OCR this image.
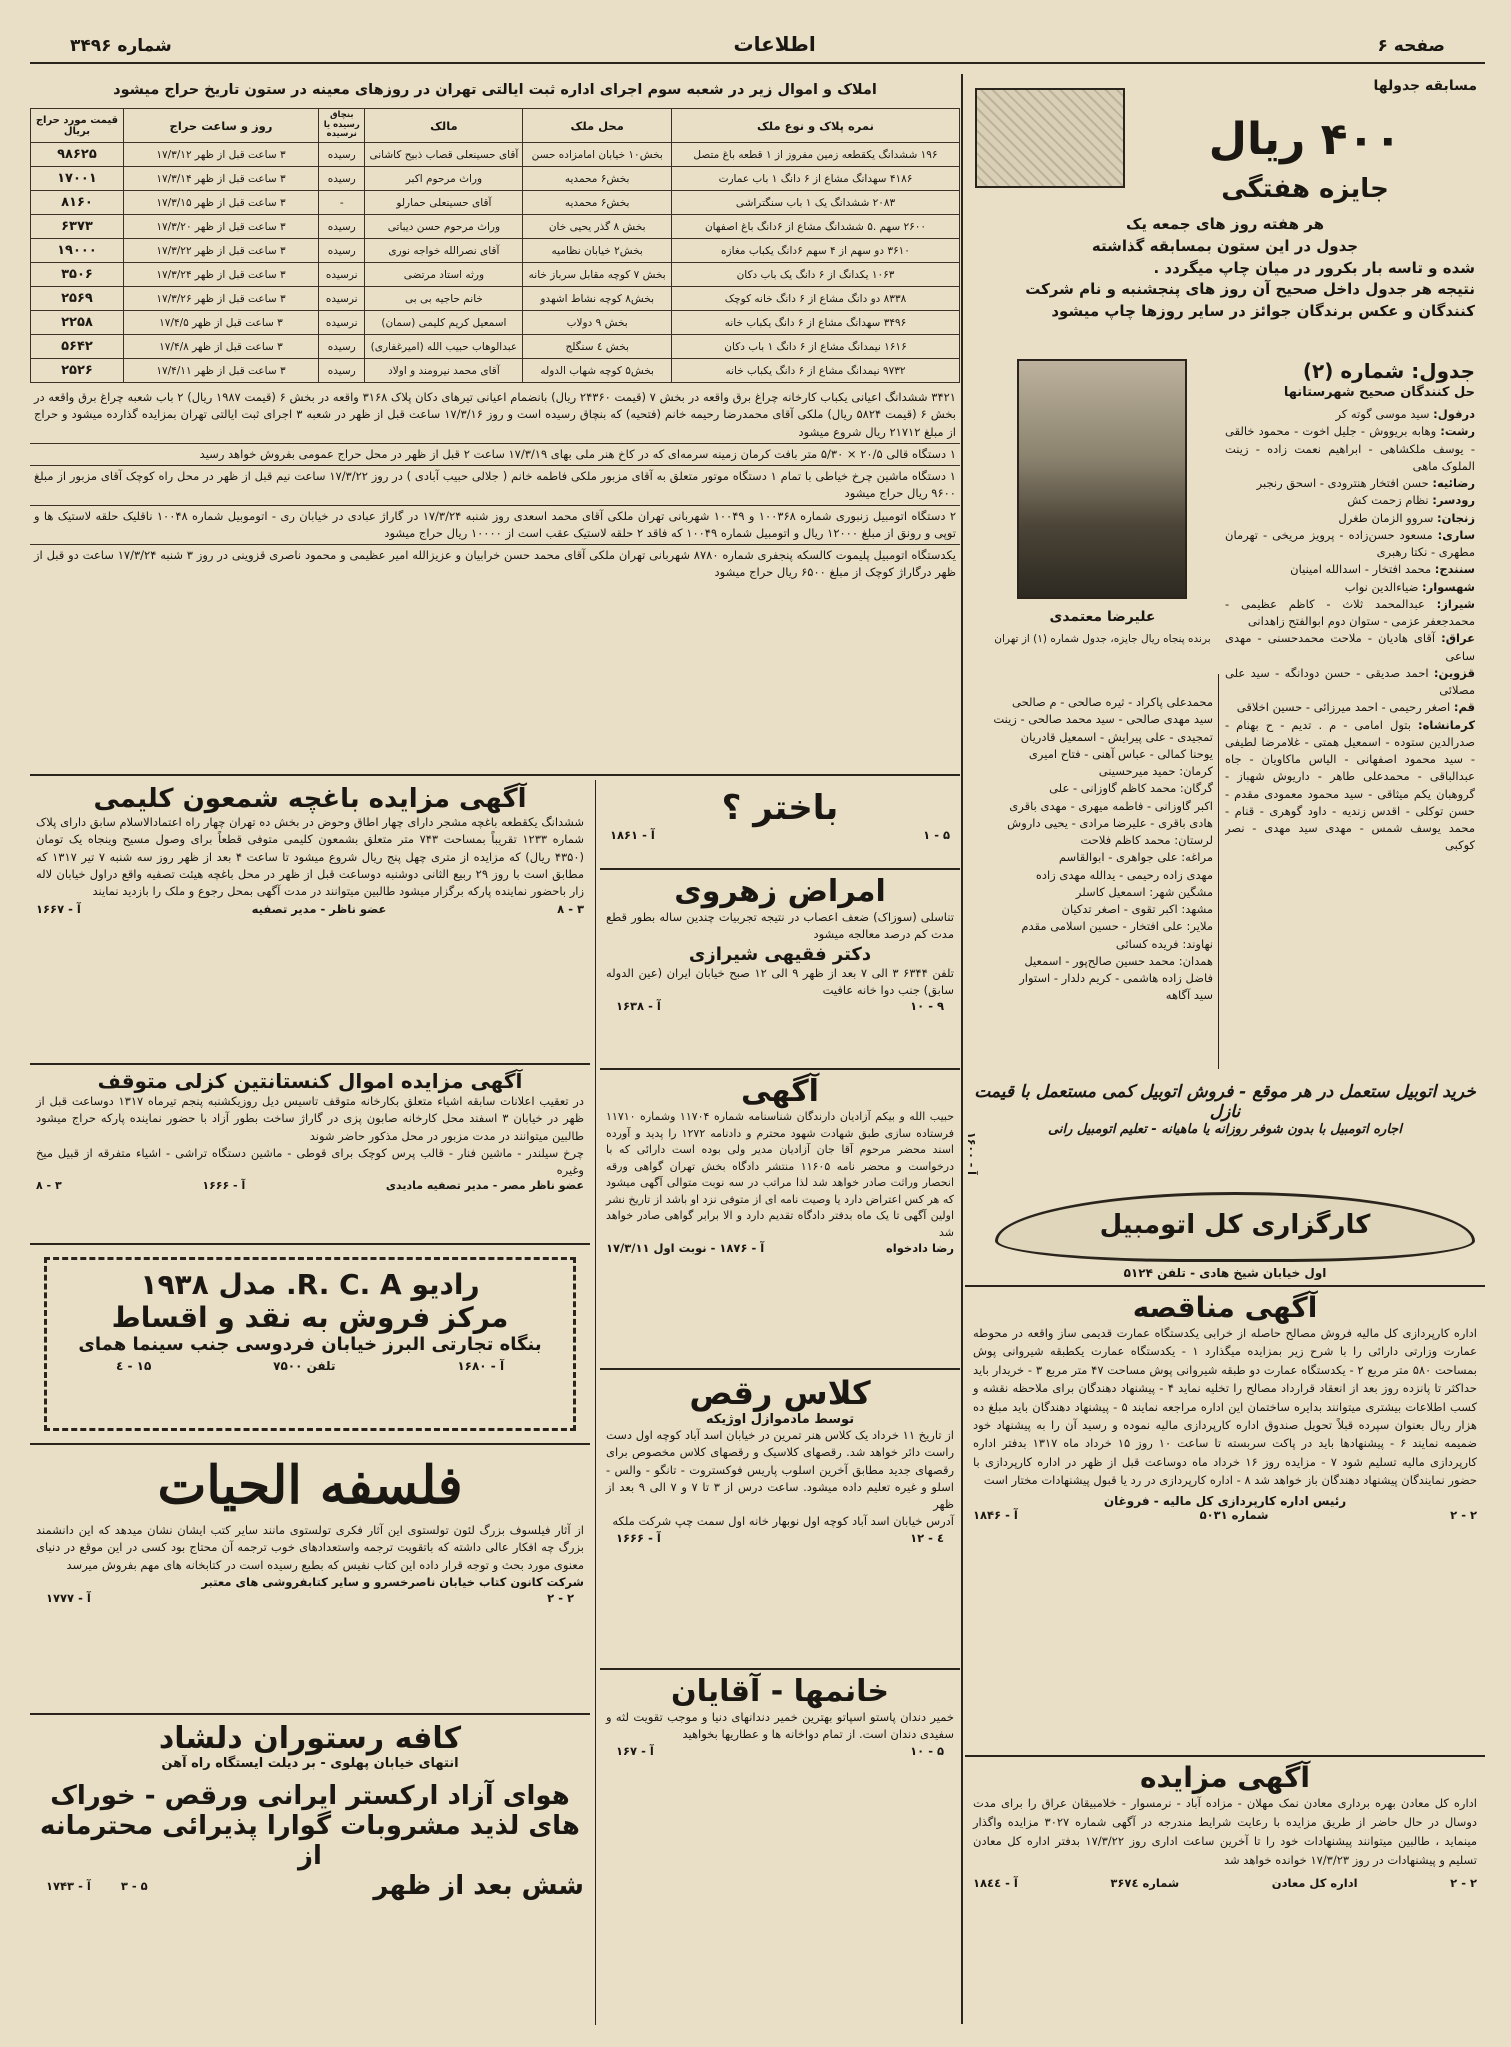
صفحه ۶
اطلاعات
شماره ۳۴۹۶
مسابقه جدولها
۴۰۰ ریال
جایزه هفتگی
هر هفته روز های جمعه یک
جدول در این ستون بمسابقه گذاشته
شده و تاسه بار بکرور در میان چاپ میگردد .
نتیجه هر جدول داخل صحیح آن روز های پنجشنبه و نام شرکت
کنندگان و عکس برندگان جوائز در سایر روزها چاپ میشود
علیرضا معتمدی
برنده پنجاه ریال جایزه، جدول شماره (۱) از تهران
جدول: شماره (۲)
حل کنندگان صحیح شهرستانها
درفول: سید موسی گوته کر
رشت: وهابه بریووش - جلیل اخوت - محمود خالقی - یوسف ملکشاهی - ابراهیم نعمت زاده - زینت الملوک ماهی
رضائیه: حسن افتخار هنترودی - اسحق رنجبر
رودسر: نظام زحمت کش
زنجان: سروو الزمان طغرل
ساری: مسعود حسن‌زاده - پرویز مریخی - تهرمان مطهری - نکتا رهبری
سنندج: محمد افتخار - اسدالله امینیان
شهسوار: ضیاءالدین نواب
شیراز: عبدالمحمد ثلاث - کاظم عظیمی - محمدجعفر عزمی - ستوان دوم ابوالفتح زاهدانی
عراق: آقای هادیان - ملاحت محمدحسنی - مهدی ساعی
قزوین: احمد صدیقی - حسن دودانگه - سید علی مصلائی
قم: اصغر رحیمی - احمد میرزائی - حسین اخلاقی
کرمانشاه: بتول امامی - م . تدیم - ح بهنام - صدرالدین ستوده - اسمعیل همتی - غلامرضا لطیفی - سید محمود اصفهانی - الیاس ماکاویان - جاه عبدالباقی - محمدعلی طاهر - داریوش شهباز - گروهبان یکم میثاقی - سید محمود معمودی مقدم - حسن توکلی - اقدس زندیه - داود گوهری - قنام - محمد یوسف شمس - مهدی سید مهدی - نصر کوکبی
محمدعلی پاکراد - ثیره صالحی - م صالحی
سید مهدی صالحی - سید محمد صالحی - زینت
تمجیدی - علی پیرایش - اسمعیل قادریان
یوحنا کمالی - عباس آهنی - فتاح امیری
کرمان: حمید میرحسینی
گرگان: محمد کاظم گاوزانی - علی
اکبر گاوزانی - فاطمه میهری - مهدی باقری
هادی باقری - علیرضا مرادی - یحیی داروش
لرستان: محمد کاظم فلاحت
مراغه: علی جواهری - ابوالقاسم
مهدی زاده رحیمی - یدالله مهدی زاده
مشگین شهر: اسمعیل کاسلر
مشهد: اکبر تقوی - اصغر تدکیان
ملایر: علی افتخار - حسین اسلامی مقدم
نهاوند: فریده کسائی
همدان: محمد حسین صالح‌پور - اسمعیل
فاضل زاده هاشمی - کریم دلدار - استوار
سید آگاهه
املاک و اموال زیر در شعبه سوم اجرای اداره ثبت ایالتی تهران در روزهای معینه در ستون تاریخ حراج میشود
نمره پلاک و نوع ملک	محل ملک	مالک	بنچاق رسیده یا نرسیده	روز و ساعت حراج	قیمت مورد حراج بریال
۱۹۶ ششدانگ یکقطعه زمین مفروز از ۱ قطعه باغ متصل	بخش۱۰ خیابان امامزاده حسن	آقای حسینعلی قصاب ذبیح کاشانی	رسیده	۳ ساعت قبل از ظهر ۱۷/۳/۱۲	۹۸۶۲۵
۴۱۸۶ سهدانگ مشاع از ۶ دانگ ۱ باب عمارت	بخش۶ محمدیه	وراث مرحوم اکبر	رسیده	۳ ساعت قبل از ظهر ۱۷/۳/۱۴	۱۷۰۰۱
۲۰۸۳ ششدانگ یک ۱ باب سنگتراشی	بخش۶ محمدیه	آقای حسینعلی حمارلو	-	۳ ساعت قبل از ظهر ۱۷/۳/۱۵	۸۱۶۰
۲۶۰۰ سهم .۵ ششدانگ مشاع از ۶دانگ باغ اصفهان	بخش ۸ گذر یحیی خان	وراث مرحوم حسن دیباتی	رسیده	۳ ساعت قبل از ظهر ۱۷/۳/۲۰	۶۳۷۳
۳۶۱۰ دو سهم از ۴ سهم ۶دانگ یکباب مغازه	بخش۲ خیابان نظامیه	آقای نصرالله خواجه نوری	رسیده	۳ ساعت قبل از ظهر ۱۷/۳/۲۲	۱۹۰۰۰
۱۰۶۳ یکدانگ از ۶ دانگ یک باب دکان	بخش ۷ کوچه مقابل سرباز خانه	ورثه استاد مرتضی	نرسیده	۳ ساعت قبل از ظهر ۱۷/۳/۲۴	۳۵۰۶
۸۳۳۸ دو دانگ مشاع از ۶ دانگ خانه کوچک	بخش۸ کوچه نشاط اشهدو	خانم حاجیه بی بی	نرسیده	۳ ساعت قبل از ظهر ۱۷/۳/۲۶	۲۵۶۹
۳۴۹۶ سهدانگ مشاع از ۶ دانگ یکباب خانه	بخش ۹ دولاب	اسمعیل کریم کلیمی (سمان)	نرسیده	۳ ساعت قبل از ظهر ۱۷/۴/۵	۲۲۵۸
۱۶۱۶ نیمدانگ مشاع از ۶ دانگ ۱ باب دکان	بخش ٤ سنگلج	عبدالوهاب حبیب الله (امیرغفاری)	رسیده	۳ ساعت قبل از ظهر ۱۷/۴/۸	۵۶۴۲
۹۷۳۲ نیمدانگ مشاع از ۶ دانگ یکباب خانه	بخش۵ کوچه شهاب الدوله	آقای محمد نیرومند و اولاد	رسیده	۳ ساعت قبل از ظهر ۱۷/۴/۱۱	۲۵۲۶
۳۴۲۱ ششدانگ اعیانی یکباب کارخانه چراغ برق واقعه در بخش ۷ (قیمت ۲۴۳۶۰ ریال) بانضمام اعیانی تیرهای دکان پلاک ۳۱۶۸ واقعه در بخش ۶ (قیمت ۱۹۸۷ ریال) ۲ باب شعبه چراغ برق واقعه در بخش ۶ (قیمت ۵۸۲۴ ریال) ملکی آقای محمدرضا رحیمه خانم (فتحیه) که بنچاق رسیده است و روز ۱۷/۳/۱۶ ساعت قبل از ظهر در شعبه ۳ اجرای ثبت ایالتی تهران بمزایده گذارده میشود و حراج از مبلغ ۲۱۷۱۲ ریال شروع میشود
۱ دستگاه قالی ۲۰/۵ × ۵/۳۰ متر بافت کرمان زمینه سرمه‌ای که در کاخ هنر ملی بهای ۱۷/۳/۱۹ ساعت ۲ قبل از ظهر در محل حراج عمومی بفروش خواهد رسید
۱ دستگاه ماشین چرخ خیاطی با تمام ۱ دستگاه موتور متعلق به آقای مزبور ملکی فاطمه خانم ( جلالی حبیب آبادی ) در روز ۱۷/۳/۲۲ ساعت نیم قبل از ظهر در محل راه کوچک آقای مزبور از مبلغ ۹۶۰۰ ریال حراج میشود
۲ دستگاه اتومبیل زنبوری شماره ۱۰۰۳۶۸ و ۱۰۰۴۹ شهربانی تهران ملکی آقای محمد اسعدی روز شنبه ۱۷/۳/۲۴ در گاراژ عبادی در خیابان ری - اتوموبیل شماره ۱۰۰۴۸ ناقلیک حلقه لاستیک‌ ها و توپی و رونق از مبلغ ۱۲۰۰۰ ریال و اتومبیل شماره ۱۰۰۴۹ که فاقد ۲ حلقه لاستیک عقب است از ۱۰۰۰۰ ریال حراج میشود
یکدستگاه اتومبیل پلیموت کالسکه پنجفری شماره ۸۷۸۰ شهربانی تهران ملکی آقای محمد حسن خرابیان و عزیزالله امیر عظیمی و محمود ناصری قزوینی در روز ۳ شنبه ۱۷/۳/۲۴ ساعت دو قبل از ظهر درگاراژ کوچک از مبلغ ۶۵۰۰ ریال حراج میشود
باختر ؟
آ - ۱۸۶۱	۱ - ۵
امراض زهروی
تناسلی (سوزاک) ضعف اعصاب در نتیجه تجربیات چندین ساله بطور قطع مدت کم درصد معالجه میشود
دکتر فقیهی شیرازی
تلفن ۶۳۴۴ ۳ الی ۷ بعد از ظهر ۹ الی ۱۲ صبح خیابان ایران (عین الدوله سابق) جنب دوا خانه عافیت
آ - ۱۶۳۸	۱۰ - ۹
آگهی
حبیب الله و بیکم آزادیان دارندگان شناسنامه شماره ۱۱۷۰۴ وشماره ۱۱۷۱۰ فرستاده سازی طبق شهادت شهود محترم و دادنامه ۱۲۷۲ را پدید و آورده اسند محضر مرحوم آقا جان آزادیان مدیر ولی بوده است دارائی که با درخواست و محضر نامه ۱۱۶۰۵ منتشر دادگاه بخش تهران گواهی ورقه انحصار وراثت صادر خواهد شد لذا مراتب در سه نوبت متوالی آگهی میشود که هر کس اعتراض دارد یا وصیت نامه ای از متوفی نزد او باشد از تاریخ نشر اولین آگهی تا یک ماه بدفتر دادگاه تقدیم دارد و الا برابر گواهی صادر خواهد شد
رضا دادخواه
آ - ۱۸۷۶ - نوبت اول ۱۷/۳/۱۱
کلاس رقص
توسط مادموازل اوژیکه
از تاریخ ۱۱ خرداد یک کلاس هنر تمرین در خیابان اسد آباد کوچه اول دست راست دائر خواهد شد. رقصهای کلاسیک و رقصهای کلاس مخصوص برای رقصهای جدید مطابق آخرین اسلوب پاریس فوکستروت - تانگو - والس - اسلو و غیره تعلیم داده میشود. ساعت درس از ۳ تا ۷ و ۷ الی ۹ بعد از ظهر
آدرس خیابان اسد آباد کوچه اول نوبهار خانه اول سمت چپ شرکت ملکه
آ - ۱۶۶۶	۱۲ - ٤
خانمها - آقایان
خمیر دندان پاستو اسپاتو بهترین خمیر دندانهای دنیا و موجب تقویت لثه و سفیدی دندان است. از تمام دواخانه ها و عطاریها بخواهید
آ - ۱۶۷	۱۰ - ۵
آگهی مزایده باغچه شمعون کلیمی
ششدانگ یکقطعه باغچه مشجر دارای چهار اطاق وحوض در بخش ده تهران چهار راه اعتمادالاسلام سابق دارای پلاک شماره ۱۲۳۳ تقریباً بمساحت ۷۴۳ متر متعلق بشمعون کلیمی متوفی قطعاً برای وصول مسیح وینجاه یک تومان (۴۳۵۰ ریال) که مزایده از متری چهل پنج ریال شروع میشود تا ساعت ۴ بعد از ظهر روز سه شنبه ۷ تیر ۱۳۱۷ که مطابق است با روز ۲۹ ربیع الثانی دوشنبه دوساعت قبل از ظهر در محل باغچه هیئت تصفیه واقع دراول خیابان لاله زار باحضور نماینده پارکه برگزار میشود طالبین میتوانند در مدت آگهی بمحل رجوع و ملک را بازدید نمایند
۳ - ۸
عضو ناظر - مدیر تصفیه
آ - ۱۶۶۷
آگهی مزایده اموال کنستانتین کزلی متوقف
در تعقیب اعلانات سابقه اشیاء متعلق بکارخانه متوقف تاسیس دیل روزیکشنبه پنجم تیرماه ۱۳۱۷ دوساعت قبل از ظهر در خیابان ۳ اسفند محل کارخانه صابون پزی در گاراژ ساخت بطور آزاد با حضور نماینده پارکه حراج میشود طالبین میتوانند در مدت مزبور در محل مذکور حاضر شوند
چرخ سیلندر - ماشین فنار - قالب پرس کوچک برای قوطی - ماشین دستگاه تراشی - اشیاء متفرقه از قبیل میخ وغیره
عضو ناظر مصر - مدیر تصفیه مادیدی
آ - ۱۶۶۶
۳ - ۸
رادیو R. C. A. مدل ۱۹۳۸
مرکز فروش به نقد و اقساط
بنگاه تجارتی البرز خیابان فردوسی جنب سینما همای
آ - ۱۶۸۰
تلفن ۷۵۰۰
۱۵ - ٤
فلسفه الحیات
از آثار فیلسوف بزرگ لئون تولستوی این آثار فکری تولستوی مانند سایر کتب ایشان نشان میدهد که این دانشمند بزرگ چه افکار عالی داشته که باتقویت ترجمه واستعدادهای خوب ترجمه آن محتاج بود کسی در این موقع در دنیای معنوی مورد بحث و توجه قرار داده این کتاب نفیس که بطبع رسیده است در کتابخانه های مهم بفروش میرسد
شرکت کانون کتاب خیابان ناصرخسرو و سایر کتابفروشی های معتبر
آ - ۱۷۷۷	۲ - ۲
کافه رستوران دلشاد
انتهای خیابان پهلوی - بر دیلت ایستگاه راه آهن
هوای آزاد ارکستر ایرانی ورقص - خوراک
های لذید مشروبات گوارا پذیرائی محترمانه از
شش بعد از ظهر
آ - ۱۷۴۳	۳ - ۵
خرید اتوبیل ستعمل در هر موقع - فروش اتوبیل کمی مستعمل با قیمت نازل
اجاره اتومبیل با بدون شوفر روزانه یا ماهیانه - تعلیم اتومبیل رانی
کارگزاری کل اتومبیل
اول خیابان شیخ هادی - تلفن ۵۱۲۴
آ - ۱۶۰۰
آگهی مناقصه
اداره کارپردازی کل مالیه فروش مصالح حاصله از خرابی یکدستگاه عمارت قدیمی ساز واقعه در محوطه عمارت وزارتی دارائی را با شرح زیر بمزایده میگذارد ۱ - یکدستگاه عمارت یکطبقه شیروانی پوش بمساحت ۵۸۰ متر مربع ۲ - یکدستگاه عمارت دو طبقه شیروانی پوش مساحت ۴۷ متر مربع ۳ - خریدار باید حداکثر تا پانزده روز بعد از انعقاد قرارداد مصالح را تخلیه نماید ۴ - پیشنهاد دهندگان برای ملاحظه نقشه و کسب اطلاعات بیشتری میتوانند بدایره ساختمان این اداره مراجعه نمایند ۵ - پیشنهاد دهندگان باید مبلغ ده هزار ریال بعنوان سپرده قبلاً تحویل صندوق اداره کارپردازی مالیه نموده و رسید آن را به پیشنهاد خود ضمیمه نمایند ۶ - پیشنهادها باید در پاکت سربسته تا ساعت ۱۰ روز ۱۵ خرداد ماه ۱۳۱۷ بدفتر اداره کارپردازی مالیه تسلیم شود ۷ - مزایده روز ۱۶ خرداد ماه دوساعت قبل از ظهر در اداره کارپردازی با حضور نمایندگان پیشنهاد دهندگان باز خواهد شد ۸ - اداره کارپردازی در رد یا قبول پیشنهادات مختار است
رئیس اداره کارپردازی کل مالیه - فروغان
۲ - ۲
شماره ۵۰۳۱
آ - ۱۸۴۶
آگهی مزایده
اداره کل معادن بهره برداری معادن نمک مهلان - مزاده آباد - نرمسوار - خلامبیقان عراق را برای مدت دوسال در حال حاضر از طریق مزایده با رعایت شرایط مندرجه در آگهی شماره ۳۰۲۷ مزایده واگذار مینماید ، طالبین میتوانند پیشنهادات خود را تا آخرین ساعت اداری روز ۱۷/۳/۲۲ بدفتر اداره کل معادن تسلیم و پیشنهادات در روز ۱۷/۳/۲۳ خوانده خواهد شد
۲ - ۲
اداره کل معادن
شماره ۳۶۷٤
آ - ۱۸٤٤
